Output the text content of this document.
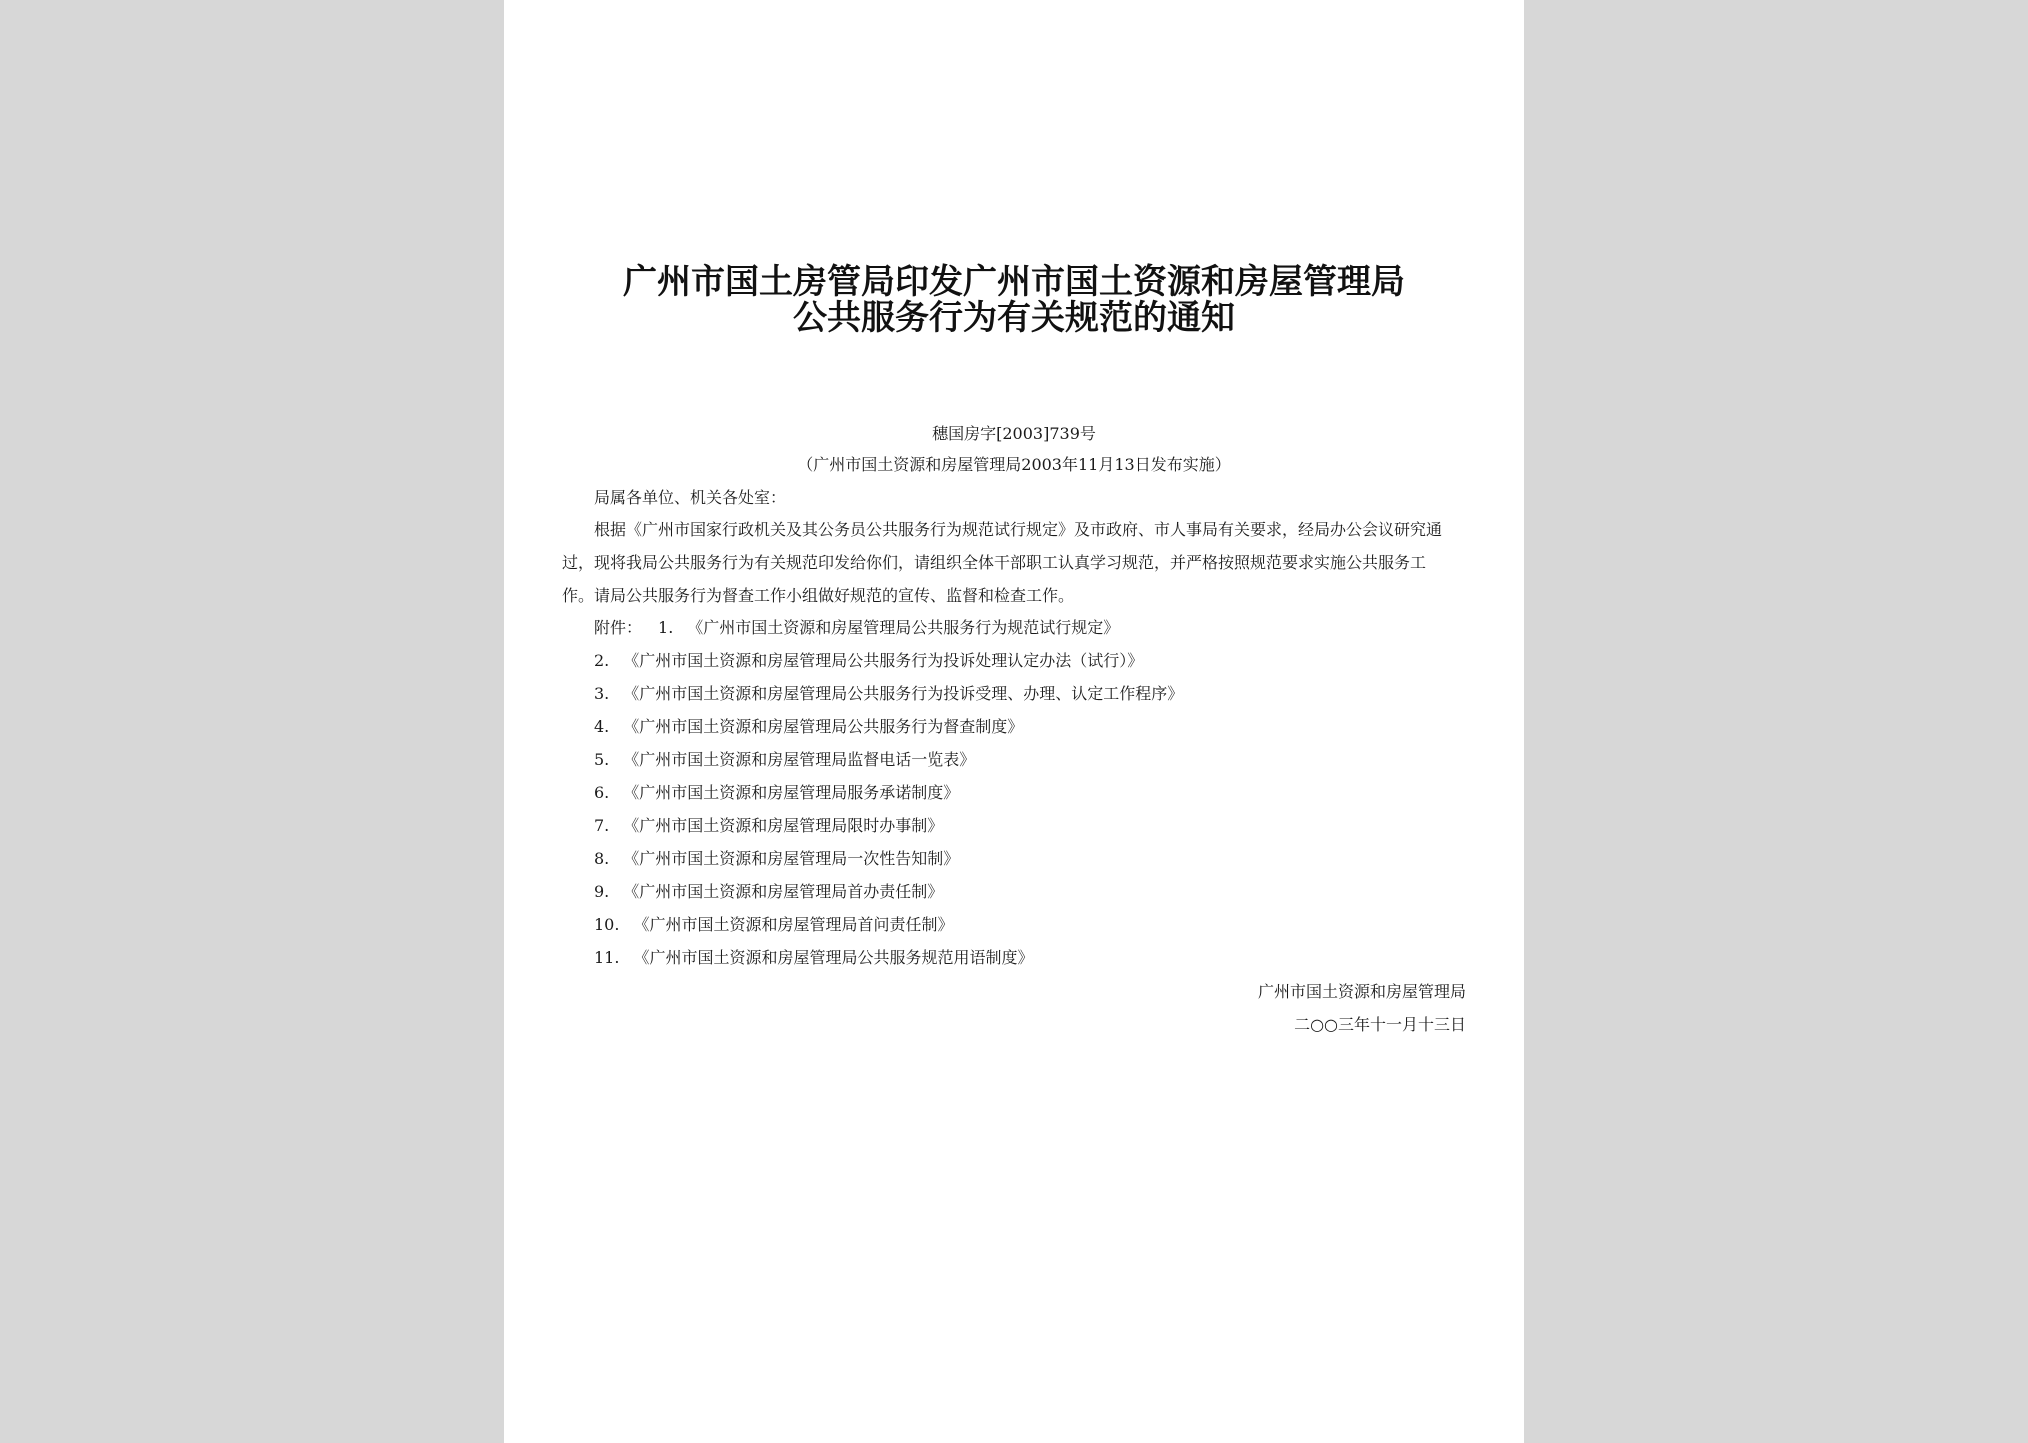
广州市国土房管局印发广州市国土资源和房屋管理局
公共服务行为有关规范的通知
穗国房字[2003]739号
（广州市国土资源和房屋管理局2003年11月13日发布实施）
局属各单位、机关各处室：
根据《广州市国家行政机关及其公务员公共服务行为规范试行规定》及市政府、市人事局有关要求，经局办公会议研究通
过，现将我局公共服务行为有关规范印发给你们，请组织全体干部职工认真学习规范，并严格按照规范要求实施公共服务工
作。请局公共服务行为督查工作小组做好规范的宣传、监督和检查工作。
附件： 1. 《广州市国土资源和房屋管理局公共服务行为规范试行规定》
2. 《广州市国土资源和房屋管理局公共服务行为投诉处理认定办法（试行）》
3. 《广州市国土资源和房屋管理局公共服务行为投诉受理、办理、认定工作程序》
4. 《广州市国土资源和房屋管理局公共服务行为督查制度》
5. 《广州市国土资源和房屋管理局监督电话一览表》
6. 《广州市国土资源和房屋管理局服务承诺制度》
7. 《广州市国土资源和房屋管理局限时办事制》
8. 《广州市国土资源和房屋管理局一次性告知制》
9. 《广州市国土资源和房屋管理局首办责任制》
10. 《广州市国土资源和房屋管理局首问责任制》
11. 《广州市国土资源和房屋管理局公共服务规范用语制度》
广州市国土资源和房屋管理局
二○○三年十一月十三日
